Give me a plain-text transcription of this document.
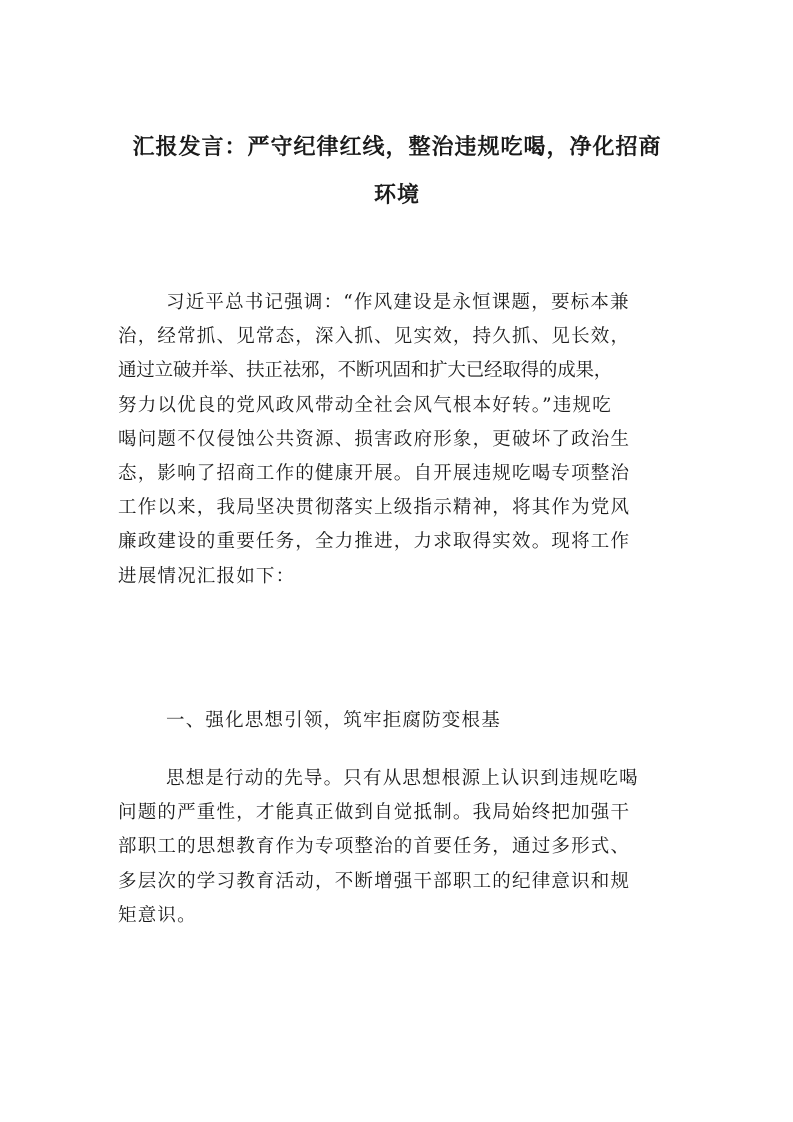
汇报发言：严守纪律红线，整治违规吃喝，净化招商
环境
习近平总书记强调：“作风建设是永恒课题，要标本兼
治，经常抓、见常态，深入抓、见实效，持久抓、见长效，
通过立破并举、扶正祛邪，不断巩固和扩大已经取得的成果，
努力以优良的党风政风带动全社会风气根本好转。”违规吃
喝问题不仅侵蚀公共资源、损害政府形象，更破坏了政治生
态，影响了招商工作的健康开展。自开展违规吃喝专项整治
工作以来，我局坚决贯彻落实上级指示精神，将其作为党风
廉政建设的重要任务，全力推进，力求取得实效。现将工作
进展情况汇报如下：
一、强化思想引领，筑牢拒腐防变根基
思想是行动的先导。只有从思想根源上认识到违规吃喝
问题的严重性，才能真正做到自觉抵制。我局始终把加强干
部职工的思想教育作为专项整治的首要任务，通过多形式、
多层次的学习教育活动，不断增强干部职工的纪律意识和规
矩意识。
